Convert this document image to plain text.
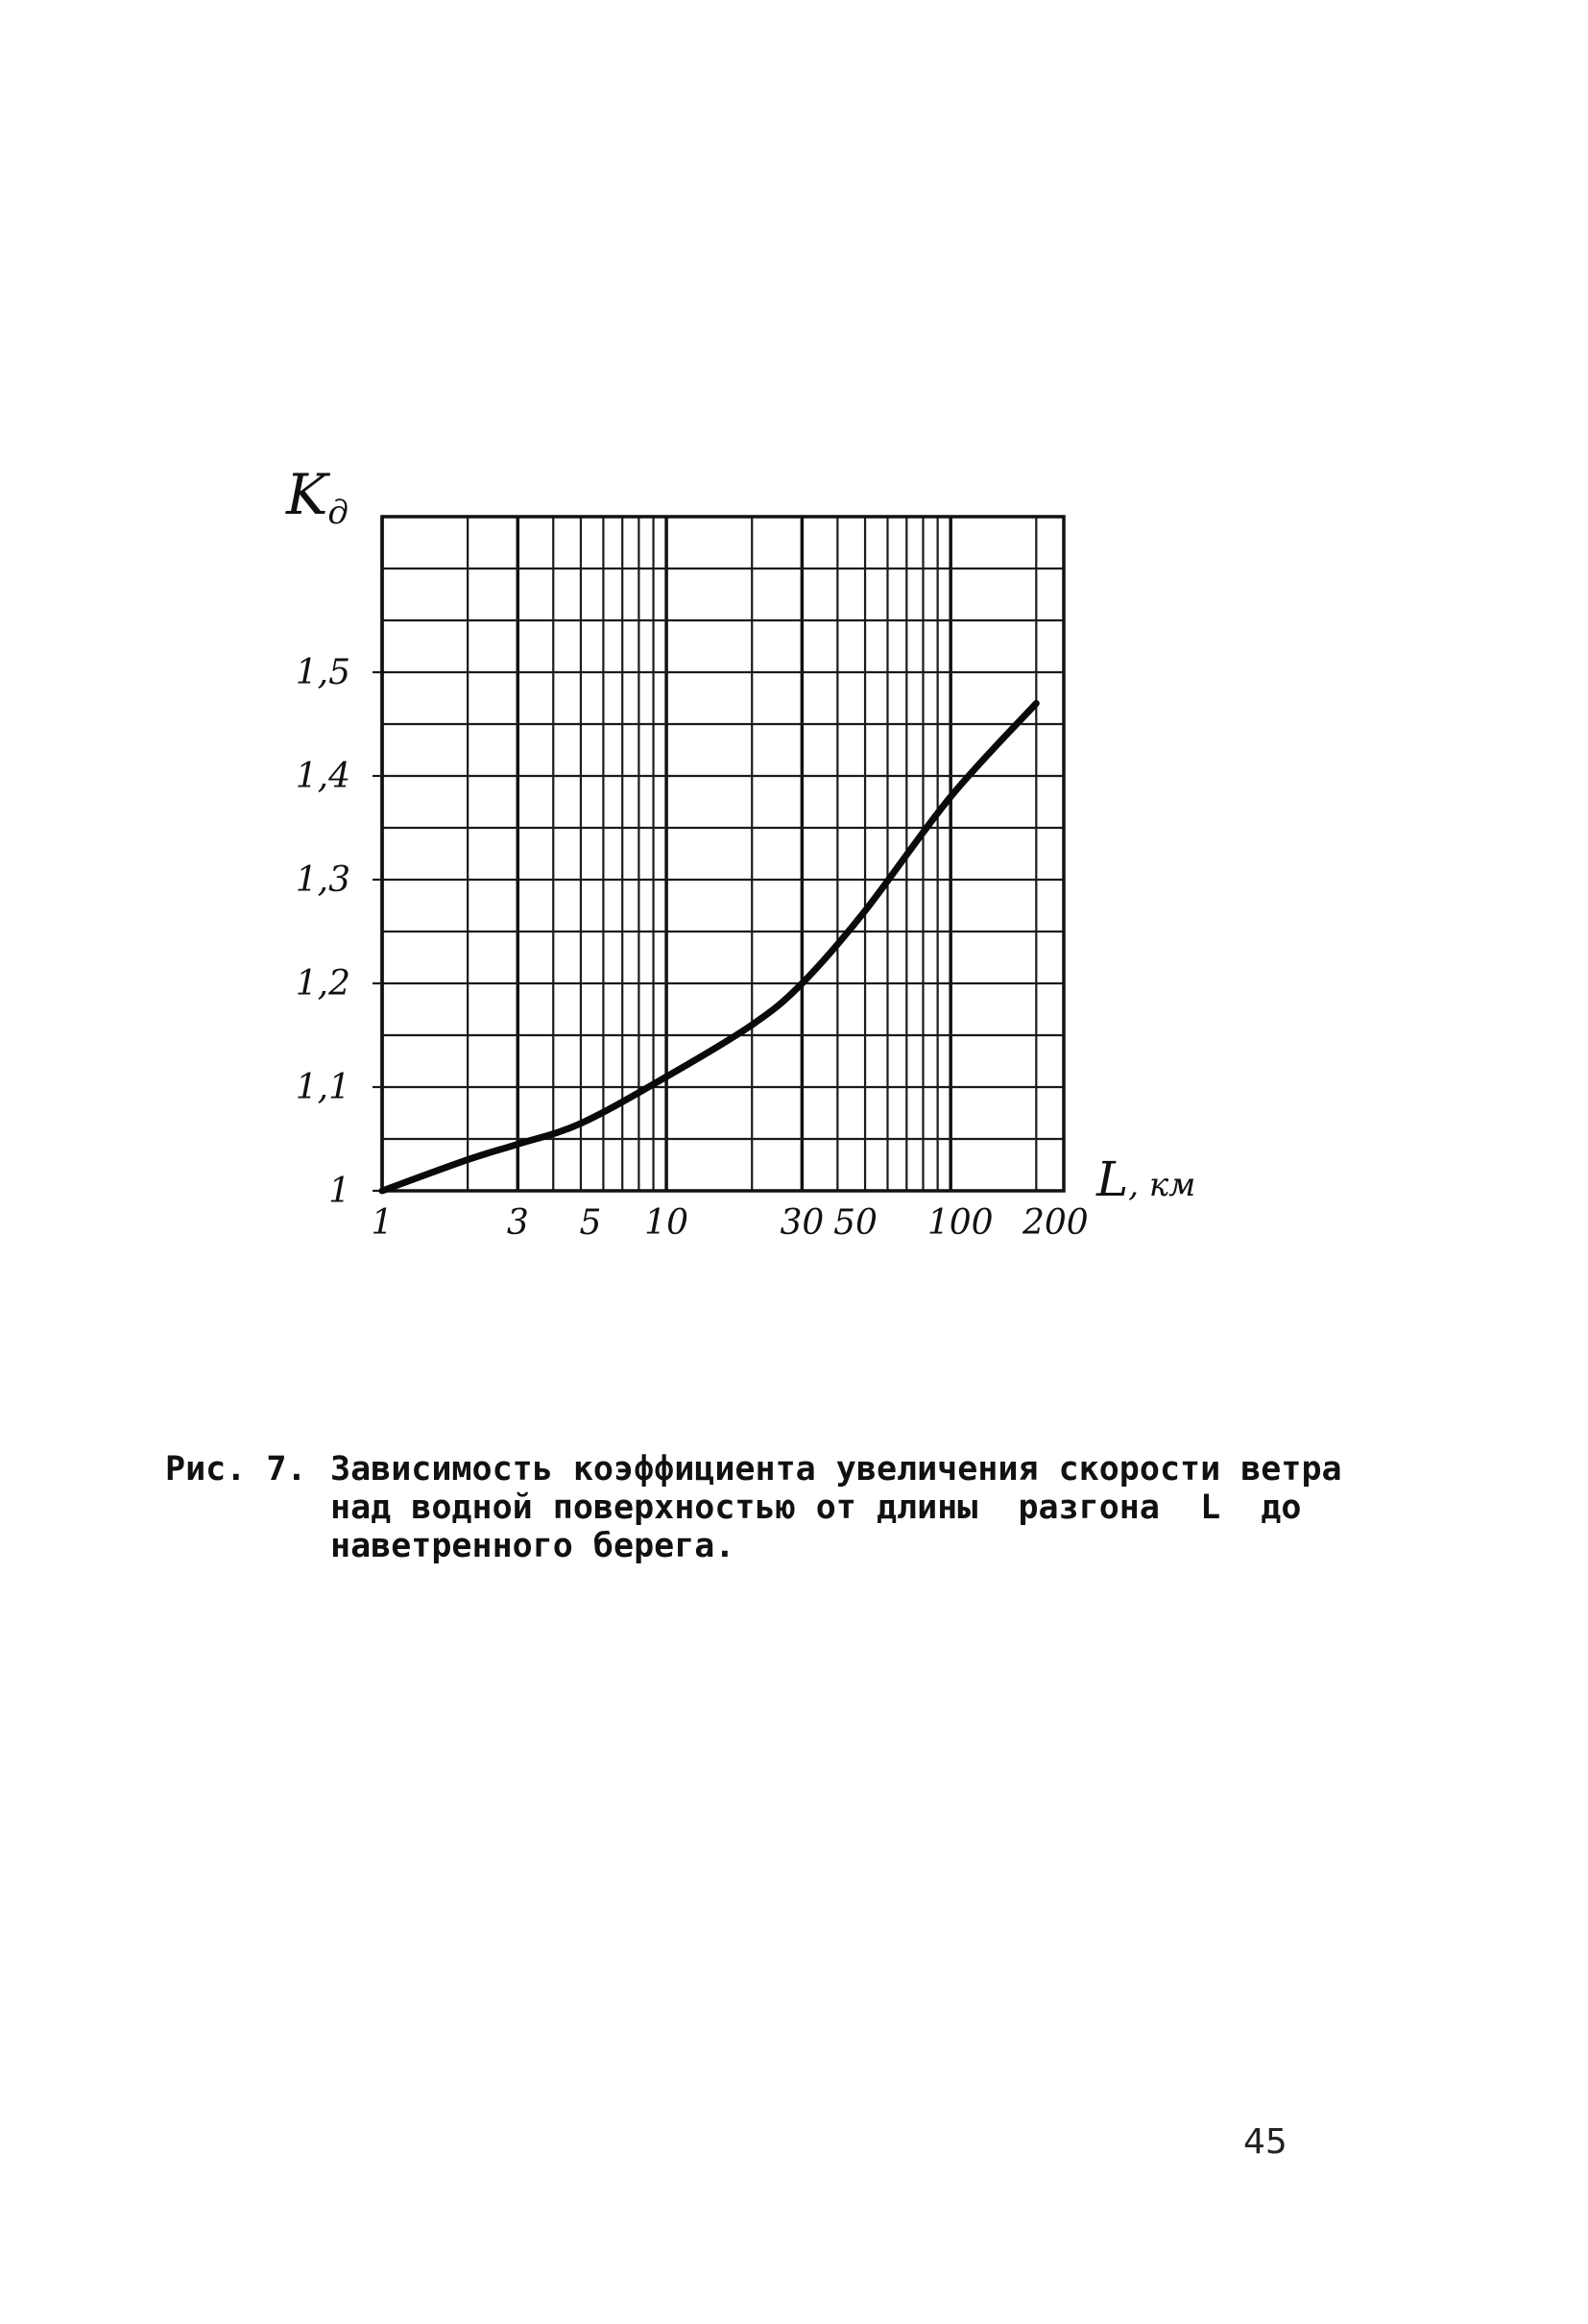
1	3 5 10	30 50 100 200
1
1,1
1,2
1,3
1,4
1,5
Kд
L, км
Рис. 7. Зависимость коэффициента увеличения скорости ветра
над водной поверхностью от длины  разгона  L  до
наветренного берега.
45
